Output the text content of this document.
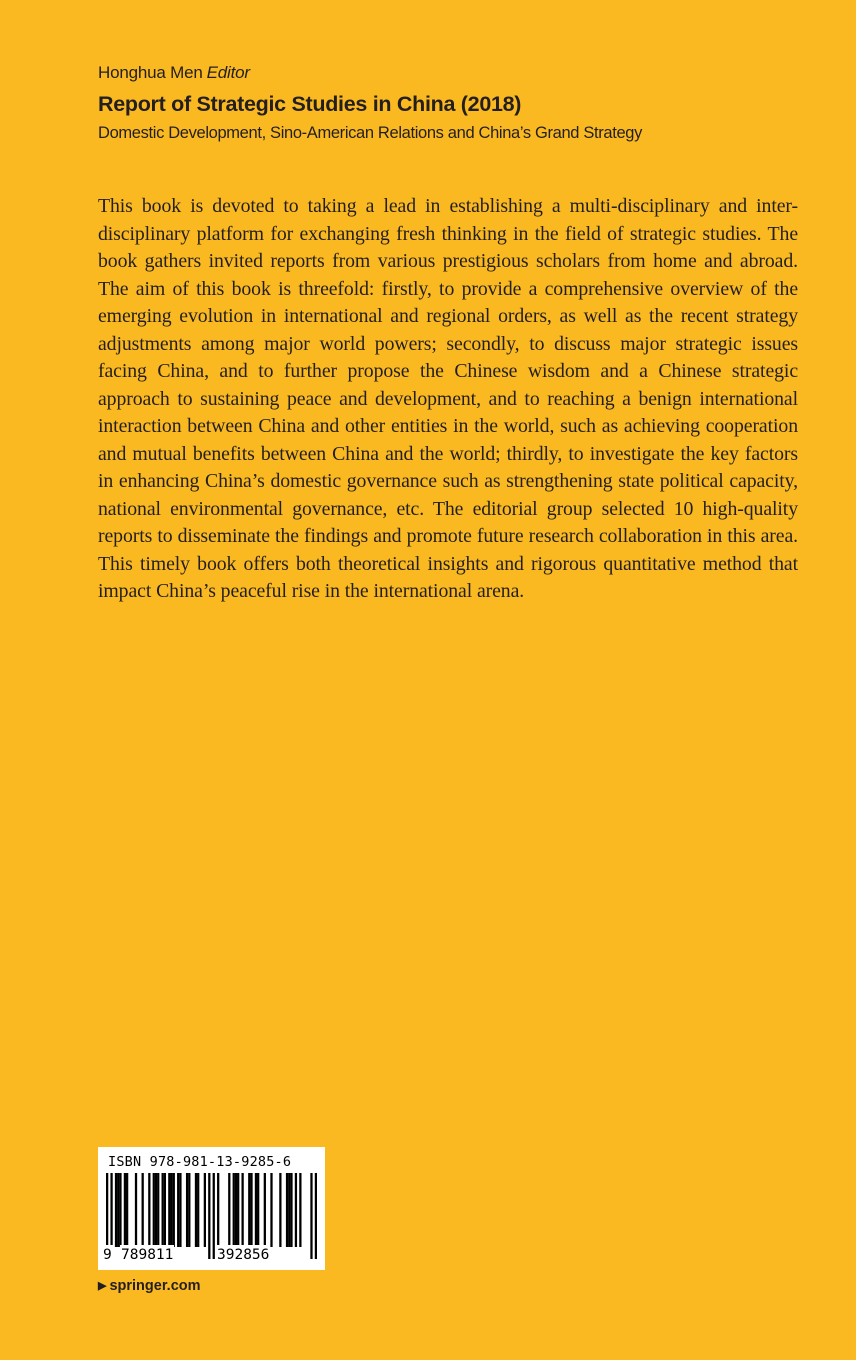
Honghua Men Editor

Report of Strategic Studies in China (2018)

Domestic Development, Sino-American Relations and China’s Grand Strategy

This book is devoted to taking a lead in establishing a multi-disciplinary and inter-disciplinary platform for exchanging fresh thinking in the field of strategic studies. The book gathers invited reports from various prestigious scholars from home and abroad. The aim of this book is threefold: firstly, to provide a comprehensive overview of the emerging evolution in international and regional orders, as well as the recent strategy adjustments among major world powers; secondly, to discuss major strategic issues facing China, and to further propose the Chinese wisdom and a Chinese strategic approach to sustaining peace and development, and to reaching a benign international interaction between China and other entities in the world, such as achieving cooperation and mutual benefits between China and the world; thirdly, to investigate the key factors in enhancing China’s domestic governance such as strengthening state political capacity, national environmental governance, etc. The editorial group selected 10 high-quality reports to disseminate the findings and promote future research collaboration in this area. This timely book offers both theoretical insights and rigorous quantitative method that impact China’s peaceful rise in the international arena.

ISBN 978-981-13-9285-6
9 789811	392856
▶ springer.com
